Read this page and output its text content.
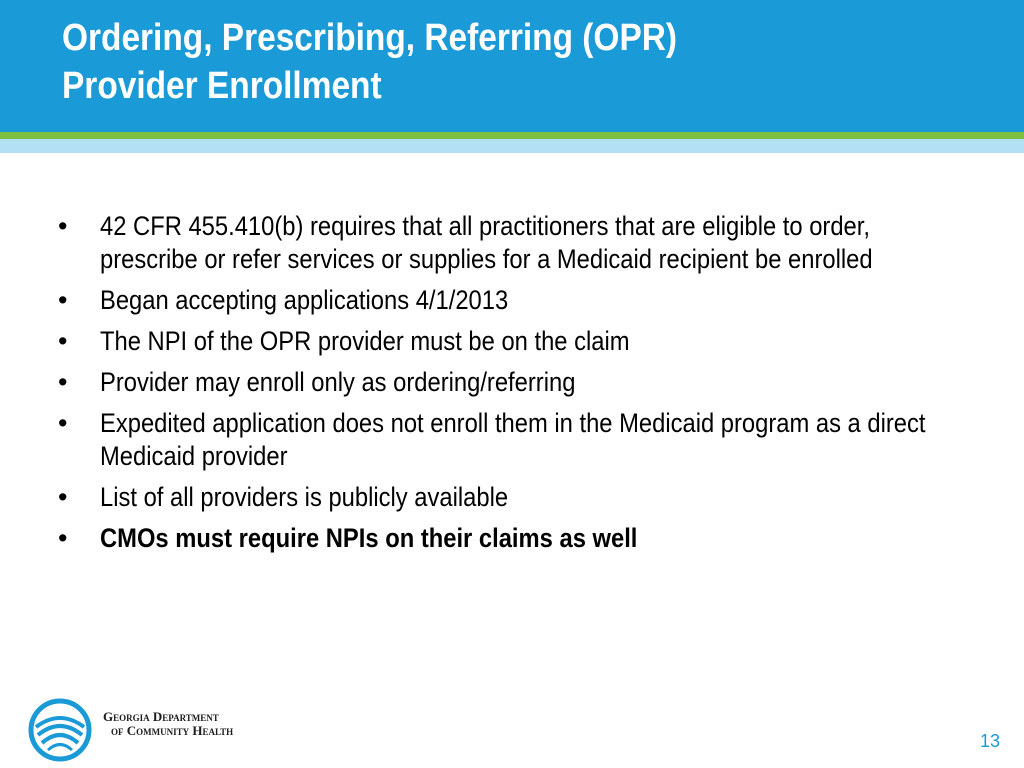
Ordering, Prescribing, Referring (OPR)
Provider Enrollment
• 42 CFR 455.410(b) requires that all practitioners that are eligible to order, prescribe or refer services or supplies for a Medicaid recipient be enrolled
• Began accepting applications 4/1/2013
• The NPI of the OPR provider must be on the claim
• Provider may enroll only as ordering/referring
• Expedited application does not enroll them in the Medicaid program as a direct Medicaid provider
• List of all providers is publicly available
• CMOs must require NPIs on their claims as well
Georgia Department
of Community Health
13
